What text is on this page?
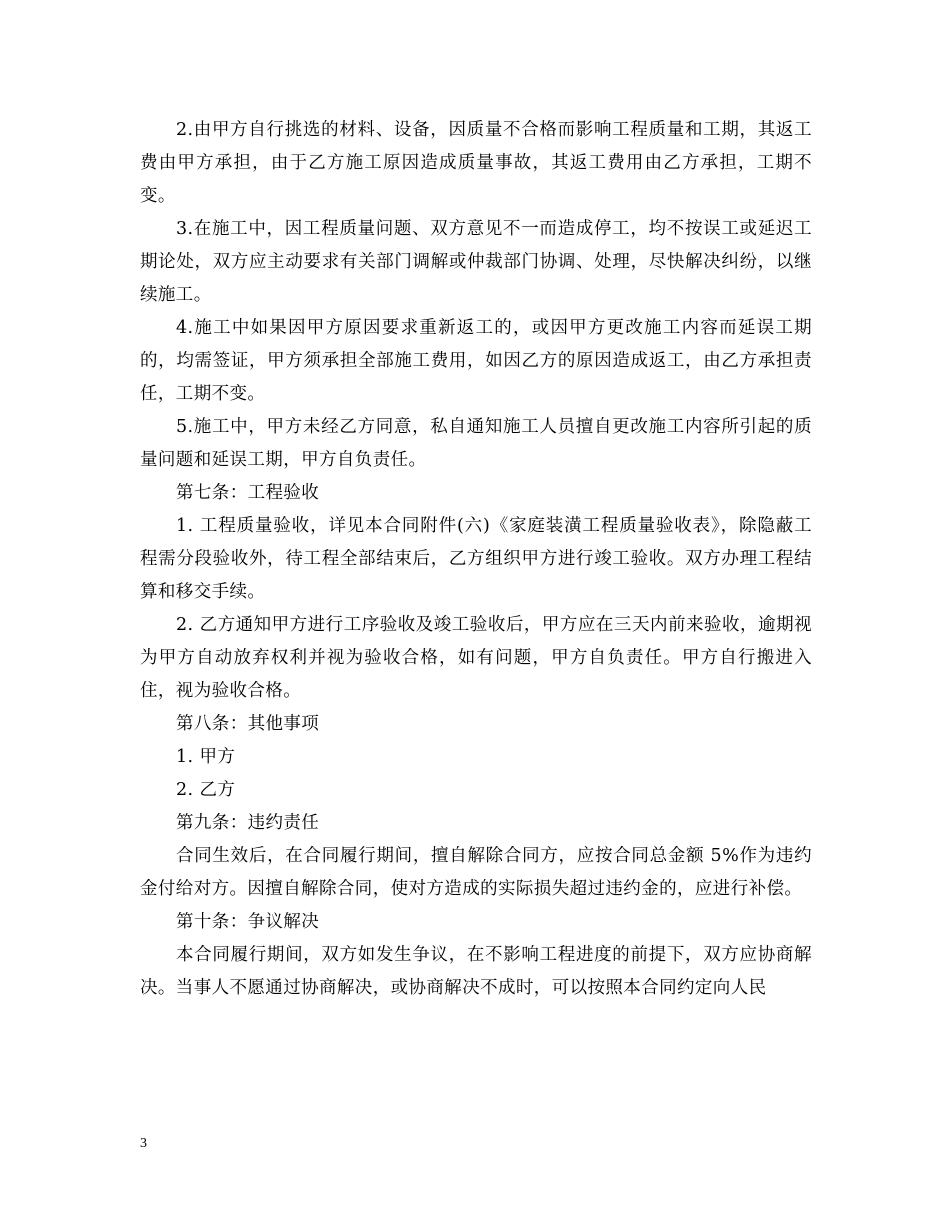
2.由甲方自行挑选的材料、设备，因质量不合格而影响工程质量和工期，其返工费由甲方承担，由于乙方施工原因造成质量事故，其返工费用由乙方承担，工期不变。

3.在施工中，因工程质量问题、双方意见不一而造成停工，均不按误工或延迟工期论处，双方应主动要求有关部门调解或仲裁部门协调、处理，尽快解决纠纷，以继续施工。

4.施工中如果因甲方原因要求重新返工的，或因甲方更改施工内容而延误工期的，均需签证，甲方须承担全部施工费用，如因乙方的原因造成返工，由乙方承担责任，工期不变。

5.施工中，甲方未经乙方同意，私自通知施工人员擅自更改施工内容所引起的质量问题和延误工期，甲方自负责任。

第七条：工程验收

1. 工程质量验收，详见本合同附件(六)《家庭装潢工程质量验收表》，除隐蔽工程需分段验收外，待工程全部结束后，乙方组织甲方进行竣工验收。双方办理工程结算和移交手续。

2. 乙方通知甲方进行工序验收及竣工验收后，甲方应在三天内前来验收，逾期视为甲方自动放弃权利并视为验收合格，如有问题，甲方自负责任。甲方自行搬进入住，视为验收合格。

第八条：其他事项

1. 甲方

2. 乙方

第九条：违约责任

合同生效后，在合同履行期间，擅自解除合同方，应按合同总金额 5%作为违约金付给对方。因擅自解除合同，使对方造成的实际损失超过违约金的，应进行补偿。

第十条：争议解决

本合同履行期间，双方如发生争议，在不影响工程进度的前提下，双方应协商解决。当事人不愿通过协商解决，或协商解决不成时，可以按照本合同约定向人民

3
